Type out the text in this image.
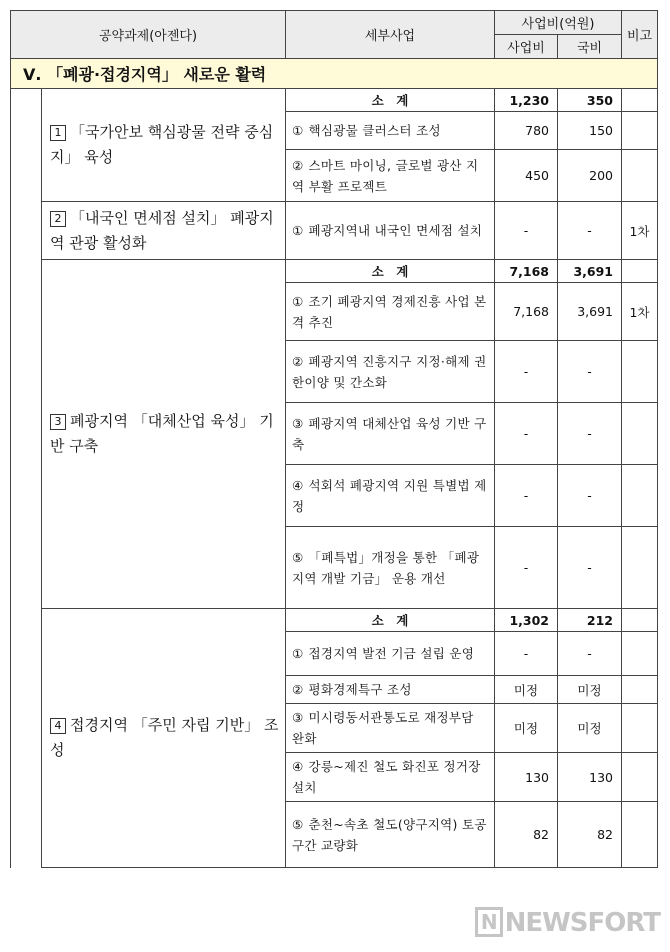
공약과제(아젠다)		세부사업	사업비(억원)		비고
			사업비	국비	
Ⅴ. 「폐광·접경지역」 새로운 활력					
	1 「국가안보 핵심광물 전략 중심지」 육성	소　계	1,230	350	
		① 핵심광물 클러스터 조성	780	150	
		② 스마트 마이닝, 글로벌 광산 지역 부활 프로젝트	450	200	
	2 「내국인 면세점 설치」 폐광지역 관광 활성화	① 폐광지역내 내국인 면세점 설치	-	-	1차
	3 폐광지역 「대체산업 육성」 기반 구축	소　계	7,168	3,691	
		① 조기 폐광지역 경제진흥 사업 본격 추진	7,168	3,691	1차
		② 폐광지역 진흥지구 지정·해제 권한이양 및 간소화	-	-	
		③ 폐광지역 대체산업 육성 기반 구축	-	-	
		④ 석회석 폐광지역 지원 특별법 제정	-	-	
		⑤ 「폐특법」개정을 통한 「폐광지역 개발 기금」 운용 개선	-	-	
	4 접경지역 「주민 자립 기반」 조성	소　계	1,302	212	
		① 접경지역 발전 기금 설립 운영	-	-	
		② 평화경제특구 조성	미정	미정	
		③ 미시령동서관통도로 재정부담 완화	미정	미정	
		④ 강릉~제진 철도 화진포 정거장 설치	130	130	
		⑤ 춘천~속초 철도(양구지역) 토공구간 교량화	82	82	
N NEWSFORT
